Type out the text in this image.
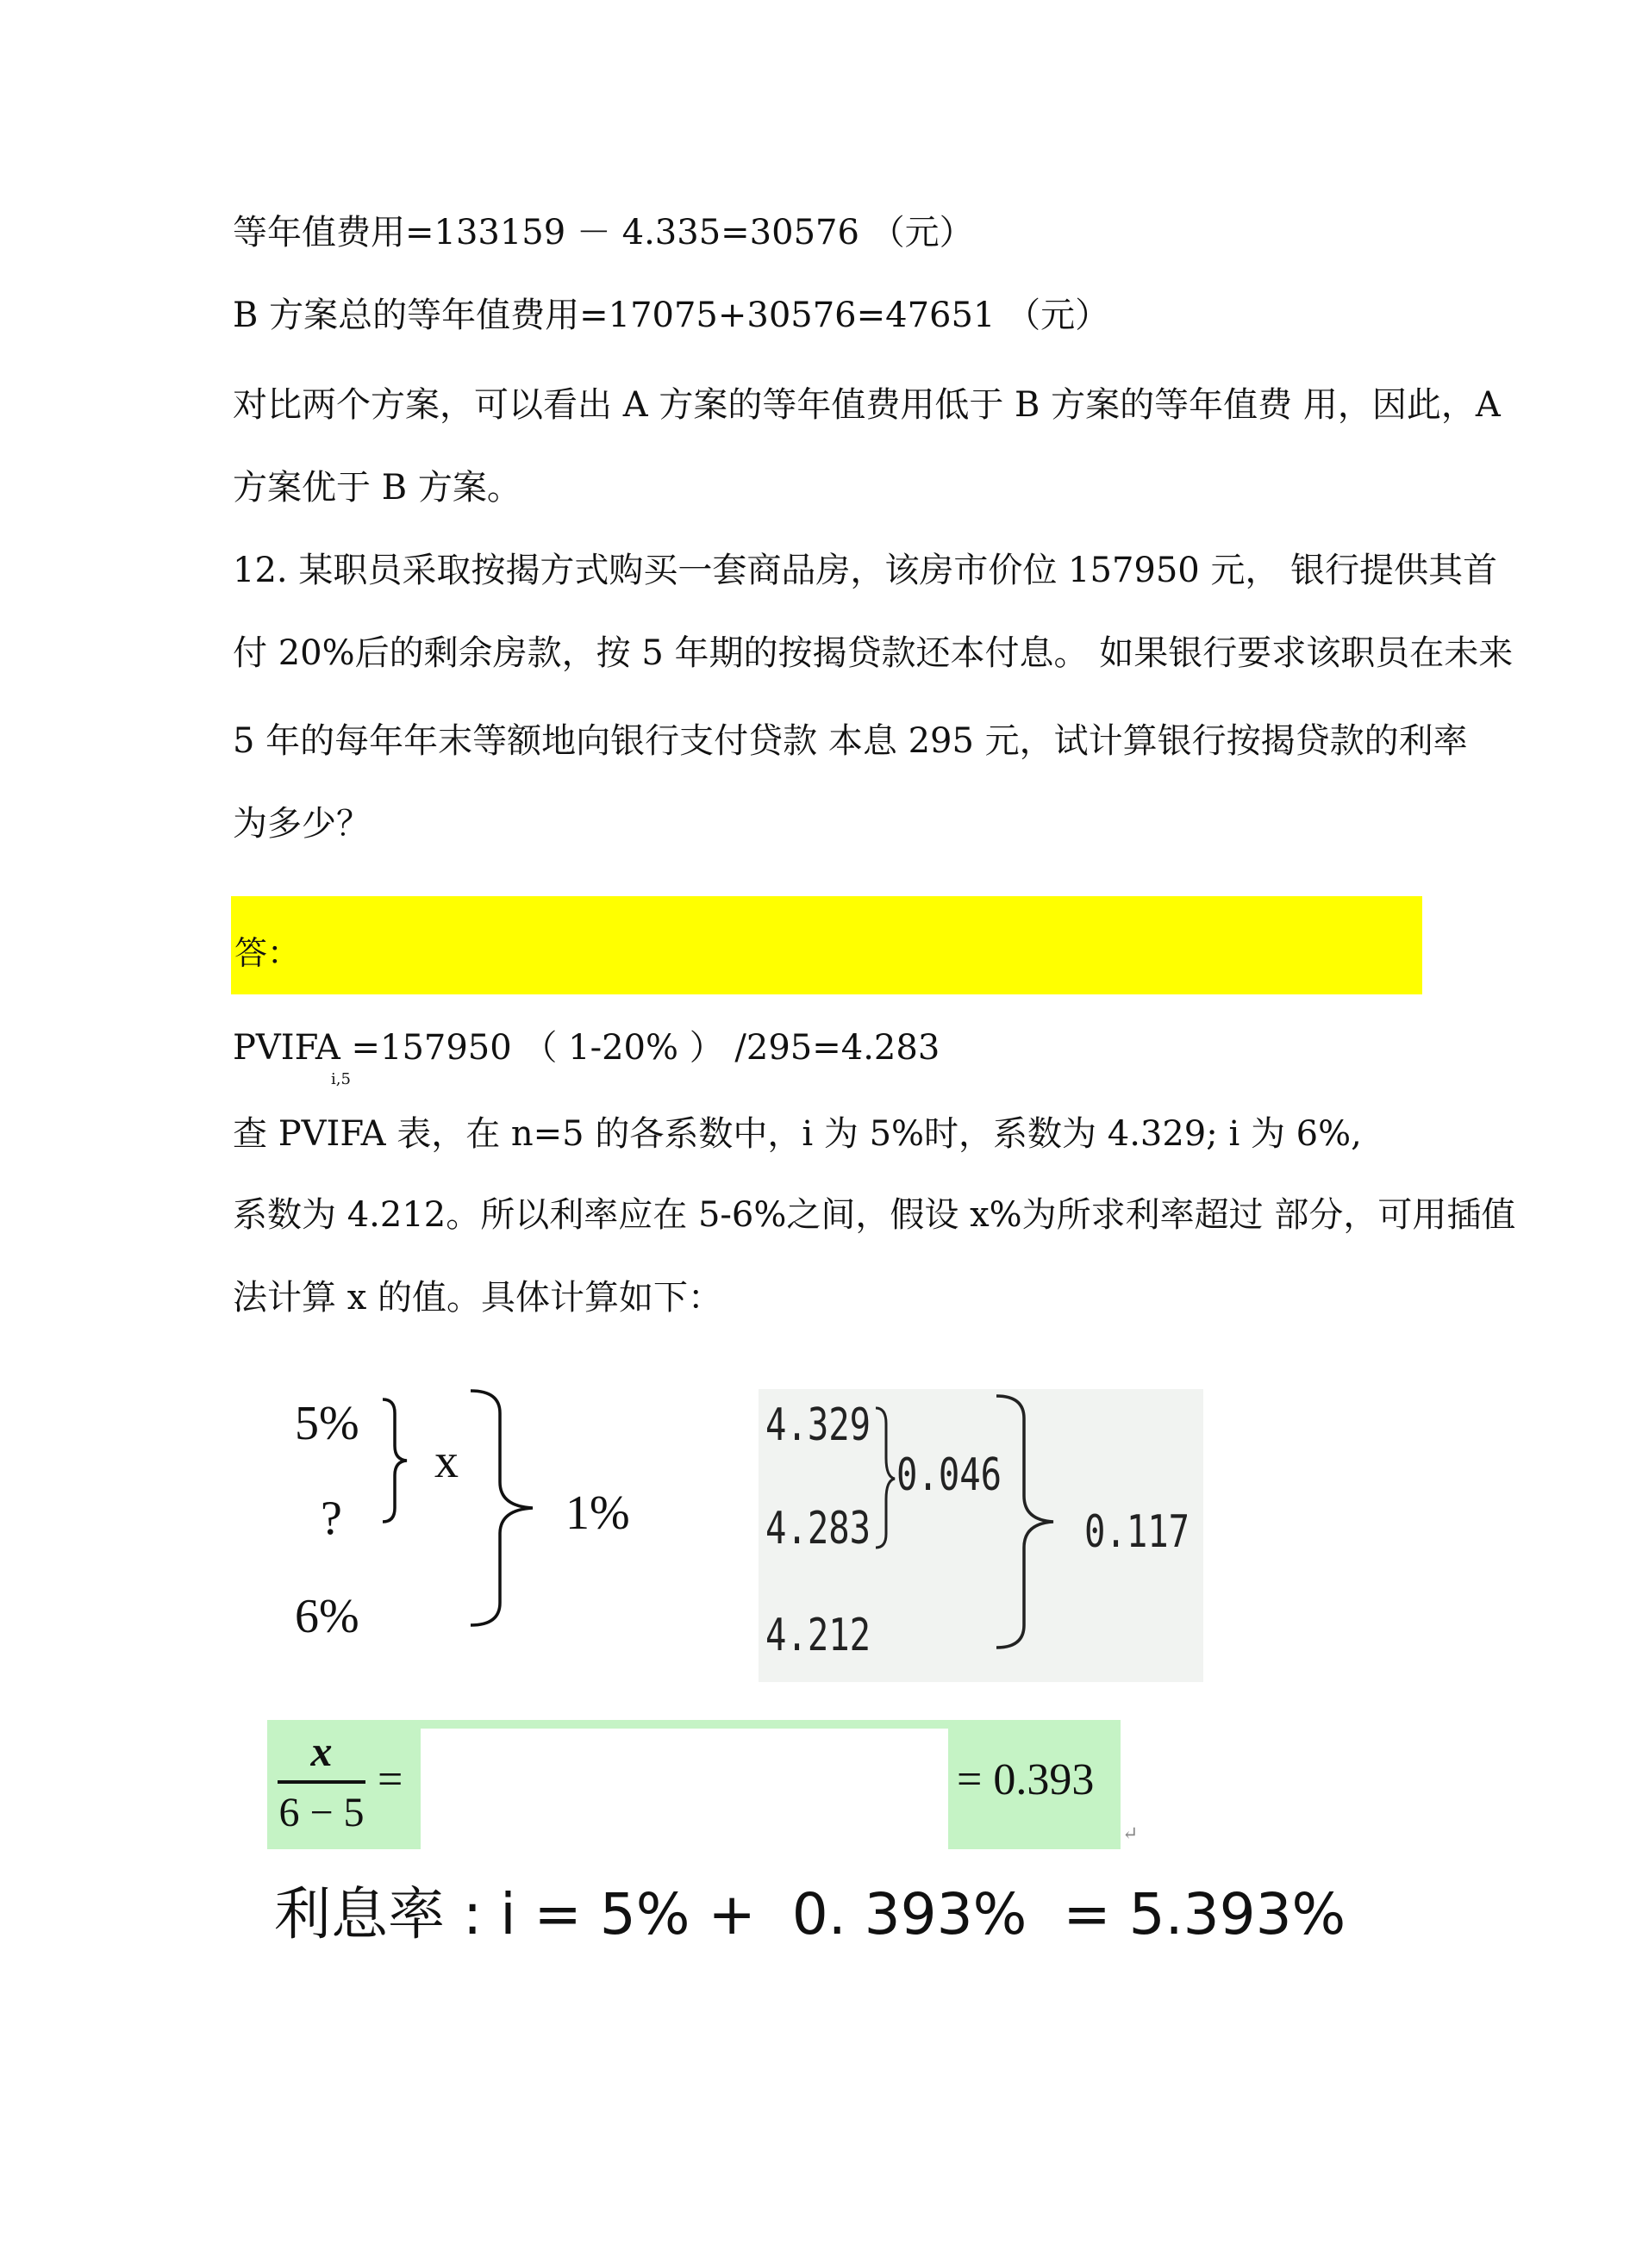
等年值费用=133159 － 4.335=30576 （元）
B 方案总的等年值费用=17075+30576=47651 （元）
对比两个方案，可以看出 A 方案的等年值费用低于 B 方案的等年值费 用，因此，A
方案优于 B 方案。
12. 某职员采取按揭方式购买一套商品房，该房市价位 157950 元， 银行提供其首
付 20%后的剩余房款，按 5 年期的按揭贷款还本付息。 如果银行要求该职员在未来
5 年的每年年末等额地向银行支付贷款 本息 295 元，试计算银行按揭贷款的利率
为多少？
答：
PVIFA =157950 （ 1-20% ） /295=4.283
i,5
查 PVIFA 表，在 n=5 的各系数中，i 为 5%时，系数为 4.329; i 为 6%,
系数为 4.212。所以利率应在 5-6%之间，假设 x%为所求利率超过 部分，可用插值
法计算 x 的值。具体计算如下：
5%
?
6%
x
1%
4.329
4.283
4.212
0.046
0.117
x
6 − 5
=	= 0.393
↵
利息率 : i = 5% +  0. 393%  = 5.393%
